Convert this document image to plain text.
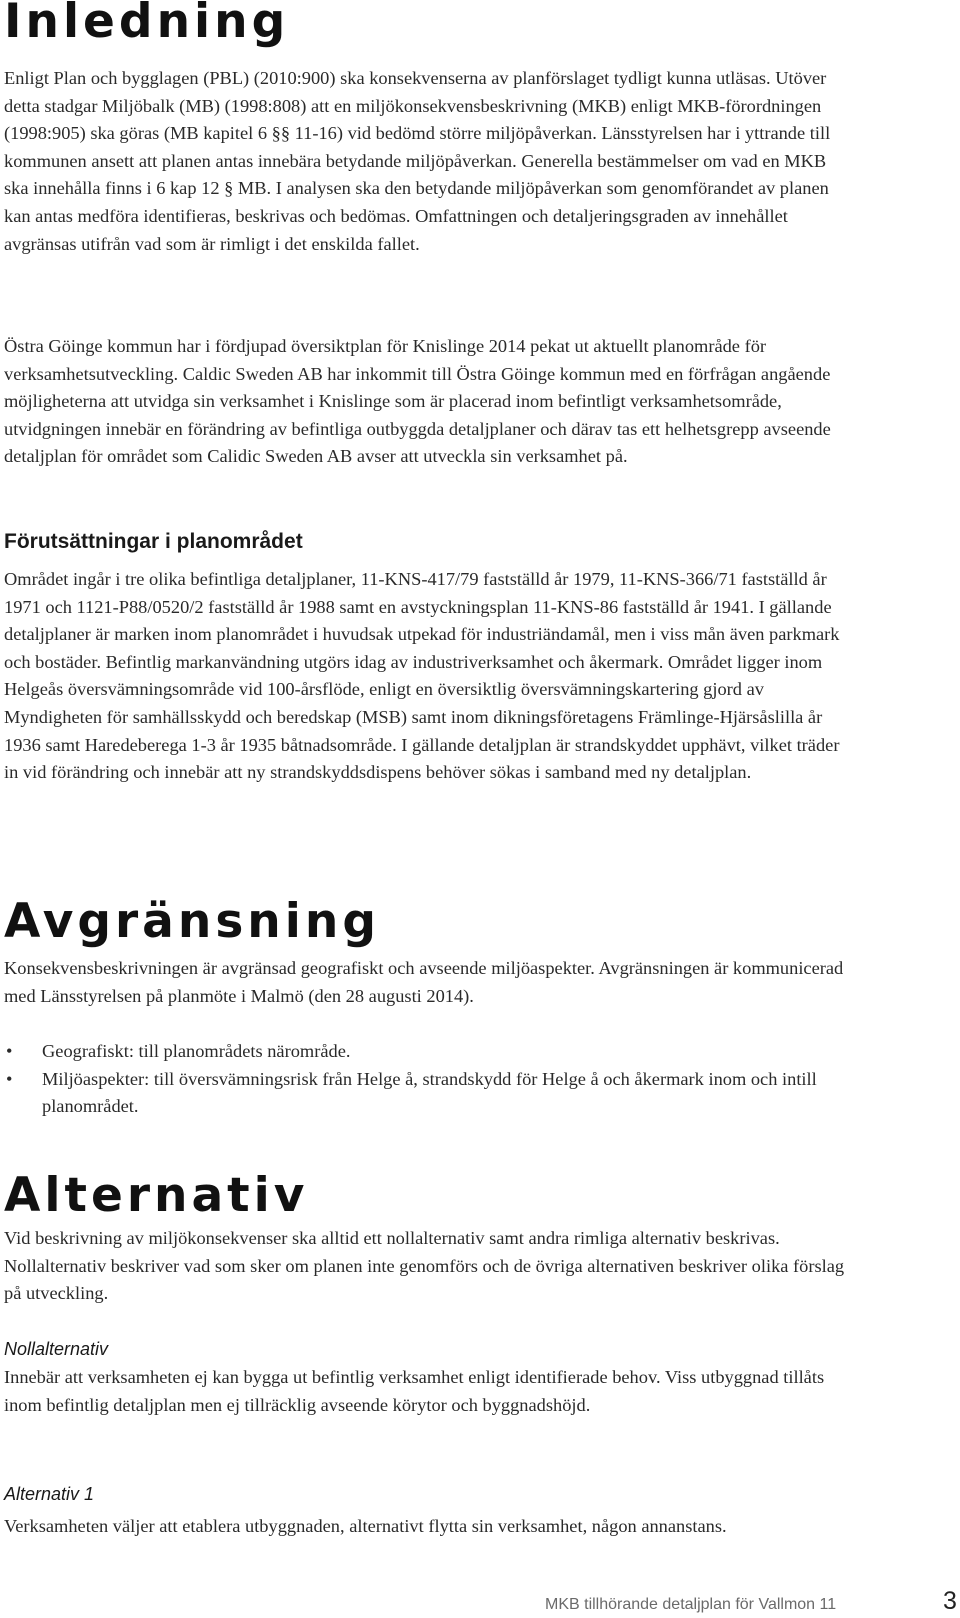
Inledning

Enligt Plan och bygglagen (PBL) (2010:900) ska konsekvenserna av planförslaget tydligt kunna utläsas. Utöver detta stadgar Miljöbalk (MB) (1998:808) att en miljökonsekvensbeskrivning (MKB) enligt MKB-förordningen (1998:905) ska göras (MB kapitel 6 §§ 11-16) vid bedömd större miljöpåverkan. Länsstyrelsen har i yttrande till kommunen ansett att planen antas innebära betydande miljöpåverkan. Generella bestämmelser om vad en MKB ska innehålla finns i 6 kap 12 § MB. I analysen ska den betydande miljöpåverkan som genomförandet av planen kan antas medföra identifieras, beskrivas och bedömas. Omfattningen och detaljeringsgraden av innehållet avgränsas utifrån vad som är rimligt i det enskilda fallet.

Östra Göinge kommun har i fördjupad översiktplan för Knislinge 2014 pekat ut aktuellt planområde för verksamhetsutveckling. Caldic Sweden AB har inkommit till Östra Göinge kommun med en förfrågan angående möjligheterna att utvidga sin verksamhet i Knislinge som är placerad inom befintligt verksamhetsområde, utvidgningen innebär en förändring av befintliga outbyggda detaljplaner och därav tas ett helhetsgrepp avseende detaljplan för området som Calidic Sweden AB avser att utveckla sin verksamhet på.

Förutsättningar i planområdet

Området ingår i tre olika befintliga detaljplaner, 11-KNS-417/79 fastställd år 1979, 11-KNS-366/71 fastställd år 1971 och 1121-P88/0520/2 fastställd år 1988 samt en avstyckningsplan 11-KNS-86 fastställd år 1941. I gällande detaljplaner är marken inom planområdet i huvudsak utpekad för industriändamål, men i viss mån även parkmark och bostäder. Befintlig markanvändning utgörs idag av industriverksamhet och åkermark. Området ligger inom Helgeås översvämningsområde vid 100-årsflöde, enligt en översiktlig översvämningskartering gjord av Myndigheten för samhällsskydd och beredskap (MSB) samt inom dikningsföretagens Främlinge-Hjärsåslilla år 1936 samt Haredeberega 1-3 år 1935 båtnadsområde. I gällande detaljplan är strandskyddet upphävt, vilket träder in vid förändring och innebär att ny strandskyddsdispens behöver sökas i samband med ny detaljplan.

Avgränsning

Konsekvensbeskrivningen är avgränsad geografiskt och avseende miljöaspekter. Avgränsningen är kommunicerad med Länsstyrelsen på planmöte i Malmö (den 28 augusti 2014).

• Geografiskt: till planområdets närområde.
• Miljöaspekter: till översvämningsrisk från Helge å, strandskydd för Helge å och åkermark inom och intill planområdet.
Alternativ

Vid beskrivning av miljökonsekvenser ska alltid ett nollalternativ samt andra rimliga alternativ beskrivas. Nollalternativ beskriver vad som sker om planen inte genomförs och de övriga alternativen beskriver olika förslag på utveckling.

Nollalternativ

Innebär att verksamheten ej kan bygga ut befintlig verksamhet enligt identifierade behov. Viss utbyggnad tillåts inom befintlig detaljplan men ej tillräcklig avseende körytor och byggnadshöjd.

Alternativ 1

Verksamheten väljer att etablera utbyggnaden, alternativt flytta sin verksamhet, någon annanstans.

MKB tillhörande detaljplan för Vallmon 11	3
